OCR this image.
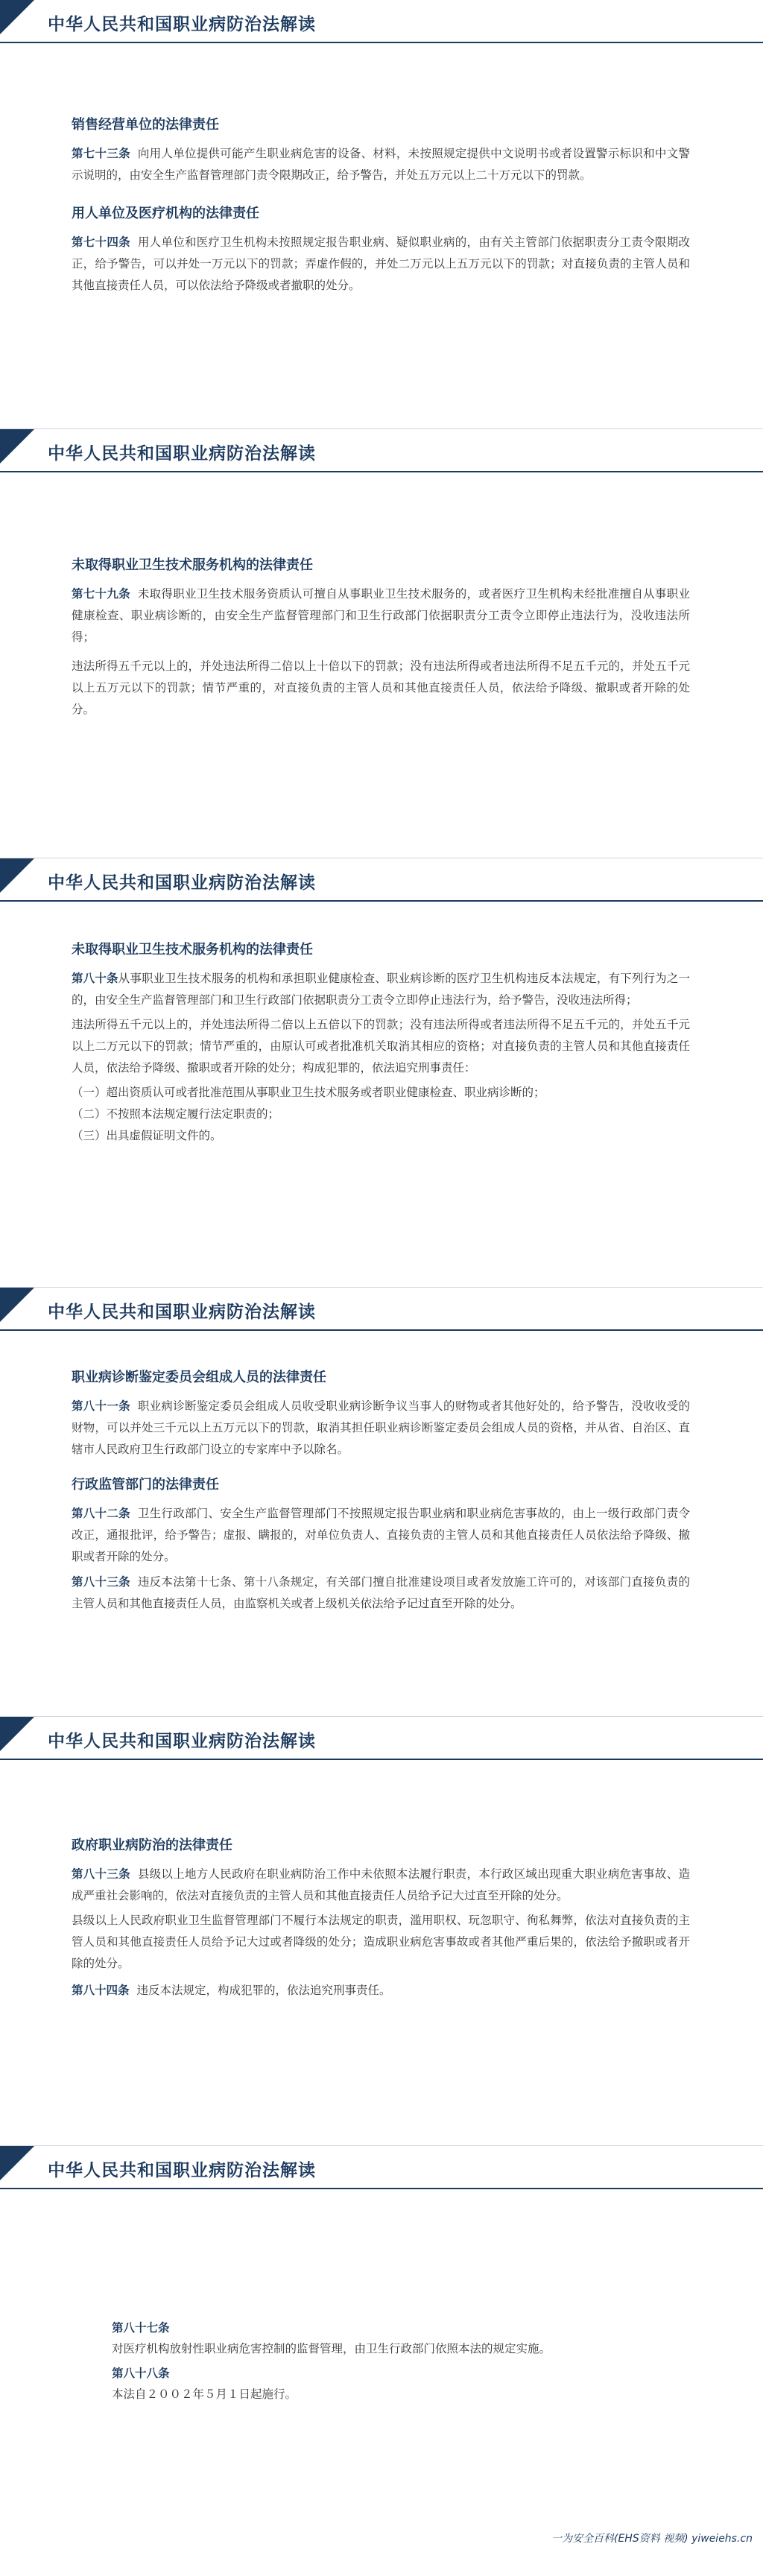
中华人民共和国职业病防治法解读
销售经营单位的法律责任

第七十三条 向用人单位提供可能产生职业病危害的设备、材料，未按照规定提供中文说明书或者设置警示标识和中文警示说明的，由安全生产监督管理部门责令限期改正，给予警告，并处五万元以上二十万元以下的罚款。

用人单位及医疗机构的法律责任

第七十四条 用人单位和医疗卫生机构未按照规定报告职业病、疑似职业病的，由有关主管部门依据职责分工责令限期改正，给予警告，可以并处一万元以下的罚款；弄虚作假的，并处二万元以上五万元以下的罚款；对直接负责的主管人员和其他直接责任人员，可以依法给予降级或者撤职的处分。

中华人民共和国职业病防治法解读
未取得职业卫生技术服务机构的法律责任

第七十九条 未取得职业卫生技术服务资质认可擅自从事职业卫生技术服务的，或者医疗卫生机构未经批准擅自从事职业健康检查、职业病诊断的，由安全生产监督管理部门和卫生行政部门依据职责分工责令立即停止违法行为，没收违法所得；

违法所得五千元以上的，并处违法所得二倍以上十倍以下的罚款；没有违法所得或者违法所得不足五千元的，并处五千元以上五万元以下的罚款；情节严重的，对直接负责的主管人员和其他直接责任人员，依法给予降级、撤职或者开除的处分。

中华人民共和国职业病防治法解读
未取得职业卫生技术服务机构的法律责任

第八十条从事职业卫生技术服务的机构和承担职业健康检查、职业病诊断的医疗卫生机构违反本法规定，有下列行为之一的，由安全生产监督管理部门和卫生行政部门依据职责分工责令立即停止违法行为，给予警告，没收违法所得；

违法所得五千元以上的，并处违法所得二倍以上五倍以下的罚款；没有违法所得或者违法所得不足五千元的，并处五千元以上二万元以下的罚款；情节严重的，由原认可或者批准机关取消其相应的资格；对直接负责的主管人员和其他直接责任人员，依法给予降级、撤职或者开除的处分；构成犯罪的，依法追究刑事责任：

（一）超出资质认可或者批准范围从事职业卫生技术服务或者职业健康检查、职业病诊断的；
（二）不按照本法规定履行法定职责的；
（三）出具虚假证明文件的。
中华人民共和国职业病防治法解读
职业病诊断鉴定委员会组成人员的法律责任

第八十一条 职业病诊断鉴定委员会组成人员收受职业病诊断争议当事人的财物或者其他好处的，给予警告，没收收受的财物，可以并处三千元以上五万元以下的罚款，取消其担任职业病诊断鉴定委员会组成人员的资格，并从省、自治区、直辖市人民政府卫生行政部门设立的专家库中予以除名。

行政监管部门的法律责任

第八十二条 卫生行政部门、安全生产监督管理部门不按照规定报告职业病和职业病危害事故的，由上一级行政部门责令改正，通报批评，给予警告；虚报、瞒报的，对单位负责人、直接负责的主管人员和其他直接责任人员依法给予降级、撤职或者开除的处分。

第八十三条 违反本法第十七条、第十八条规定，有关部门擅自批准建设项目或者发放施工许可的，对该部门直接负责的主管人员和其他直接责任人员，由监察机关或者上级机关依法给予记过直至开除的处分。

中华人民共和国职业病防治法解读
政府职业病防治的法律责任

第八十三条 县级以上地方人民政府在职业病防治工作中未依照本法履行职责，本行政区域出现重大职业病危害事故、造成严重社会影响的，依法对直接负责的主管人员和其他直接责任人员给予记大过直至开除的处分。

县级以上人民政府职业卫生监督管理部门不履行本法规定的职责，滥用职权、玩忽职守、徇私舞弊，依法对直接负责的主管人员和其他直接责任人员给予记大过或者降级的处分；造成职业病危害事故或者其他严重后果的，依法给予撤职或者开除的处分。

第八十四条 违反本法规定，构成犯罪的，依法追究刑事责任。

中华人民共和国职业病防治法解读
第八十七条
对医疗机构放射性职业病危害控制的监督管理，由卫生行政部门依照本法的规定实施。
第八十八条
本法自２００２年５月１日起施行。
一为安全百科(EHS资料 视频) yiweiehs.cn
